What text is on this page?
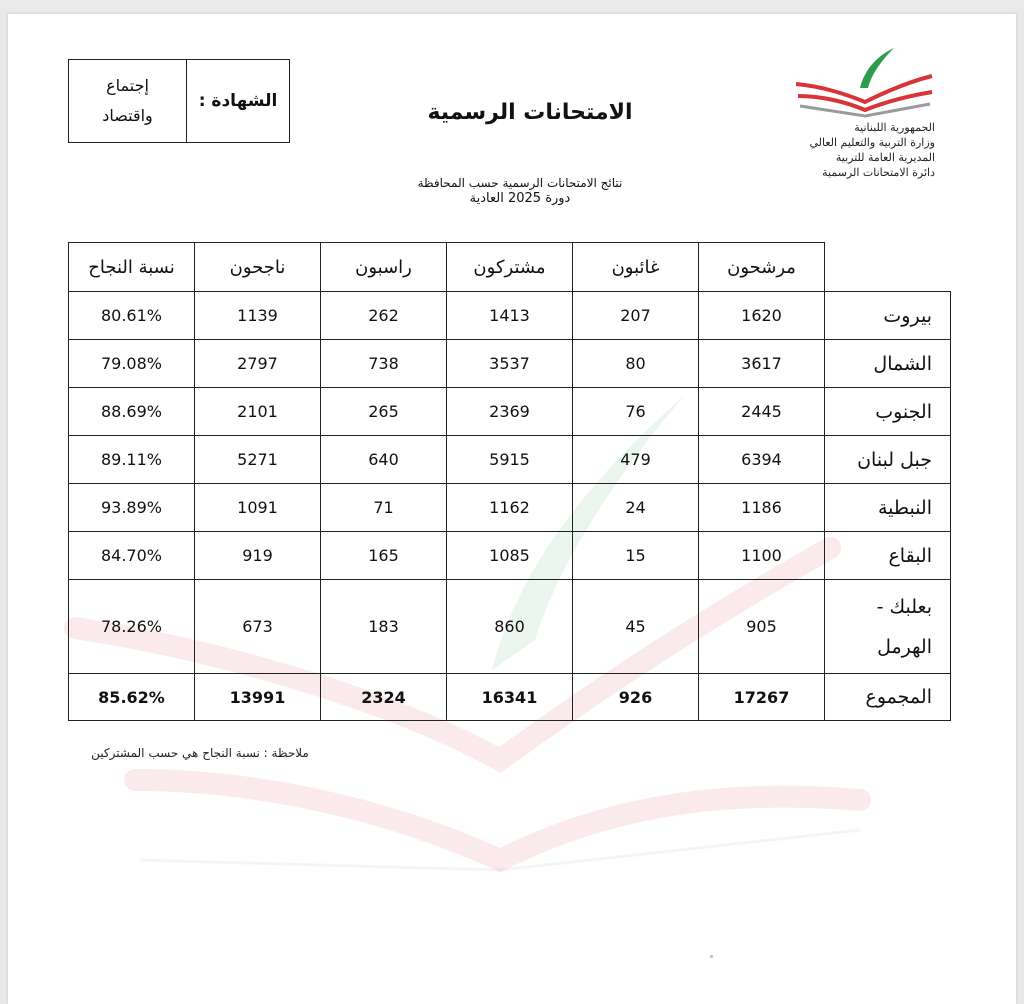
الجمهورية اللبنانية
وزارة التربية والتعليم العالي
المديرية العامة للتربية
دائرة الامتحانات الرسمية
الامتحانات الرسمية
نتائج الامتحانات الرسمية حسب المحافظة
دورة 2025 العادية
الشهادة :
إجتماع
واقتصاد
	مرشحون	غائبون	مشتركون	راسبون	ناجحون	نسبة النجاح
بيروت	1620	207	1413	262	1139	80.61%
الشمال	3617	80	3537	738	2797	79.08%
الجنوب	2445	76	2369	265	2101	88.69%
جبل لبنان	6394	479	5915	640	5271	89.11%
النبطية	1186	24	1162	71	1091	93.89%
البقاع	1100	15	1085	165	919	84.70%

بعلبك -
الهرمل	905	45	860	183	673	78.26%
المجموع	17267	926	16341	2324	13991	85.62%
ملاحظة : نسبة النجاح هي حسب المشتركين
